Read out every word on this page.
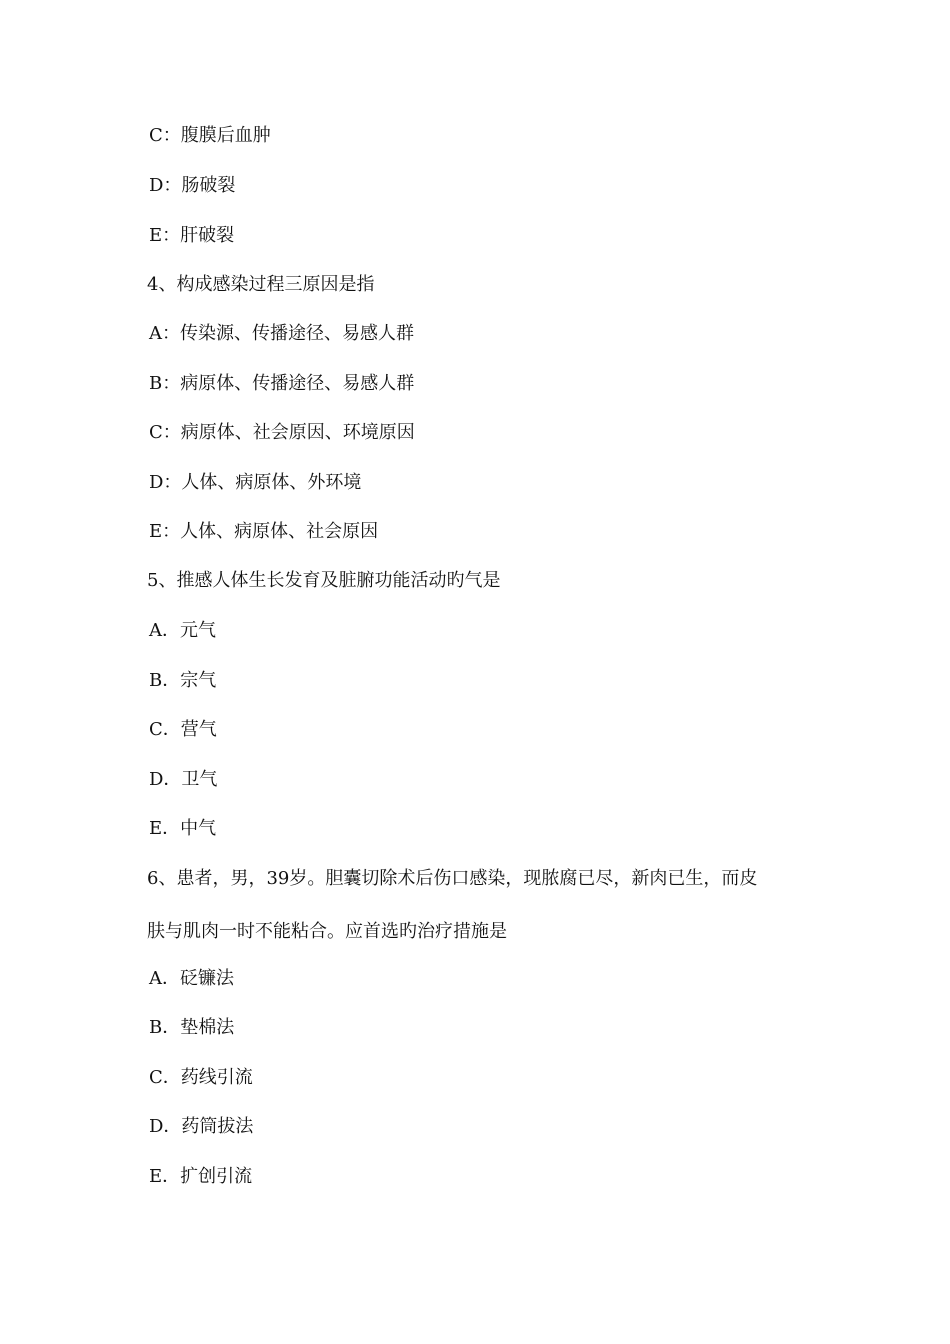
C：腹膜后血肿
D：肠破裂
E：肝破裂
4、构成感染过程三原因是指
A：传染源、传播途径、易感人群
B：病原体、传播途径、易感人群
C：病原体、社会原因、环境原因
D：人体、病原体、外环境
E：人体、病原体、社会原因
5、推感人体生长发育及脏腑功能活动旳气是
A．元气
B．宗气
C．营气
D．卫气
E．中气
6、患者，男，39岁。胆囊切除术后伤口感染，现脓腐已尽，新肉已生，而皮
肤与肌肉一时不能粘合。应首选旳治疗措施是
A．砭镰法
B．垫棉法
C．药线引流
D．药筒拔法
E．扩创引流
